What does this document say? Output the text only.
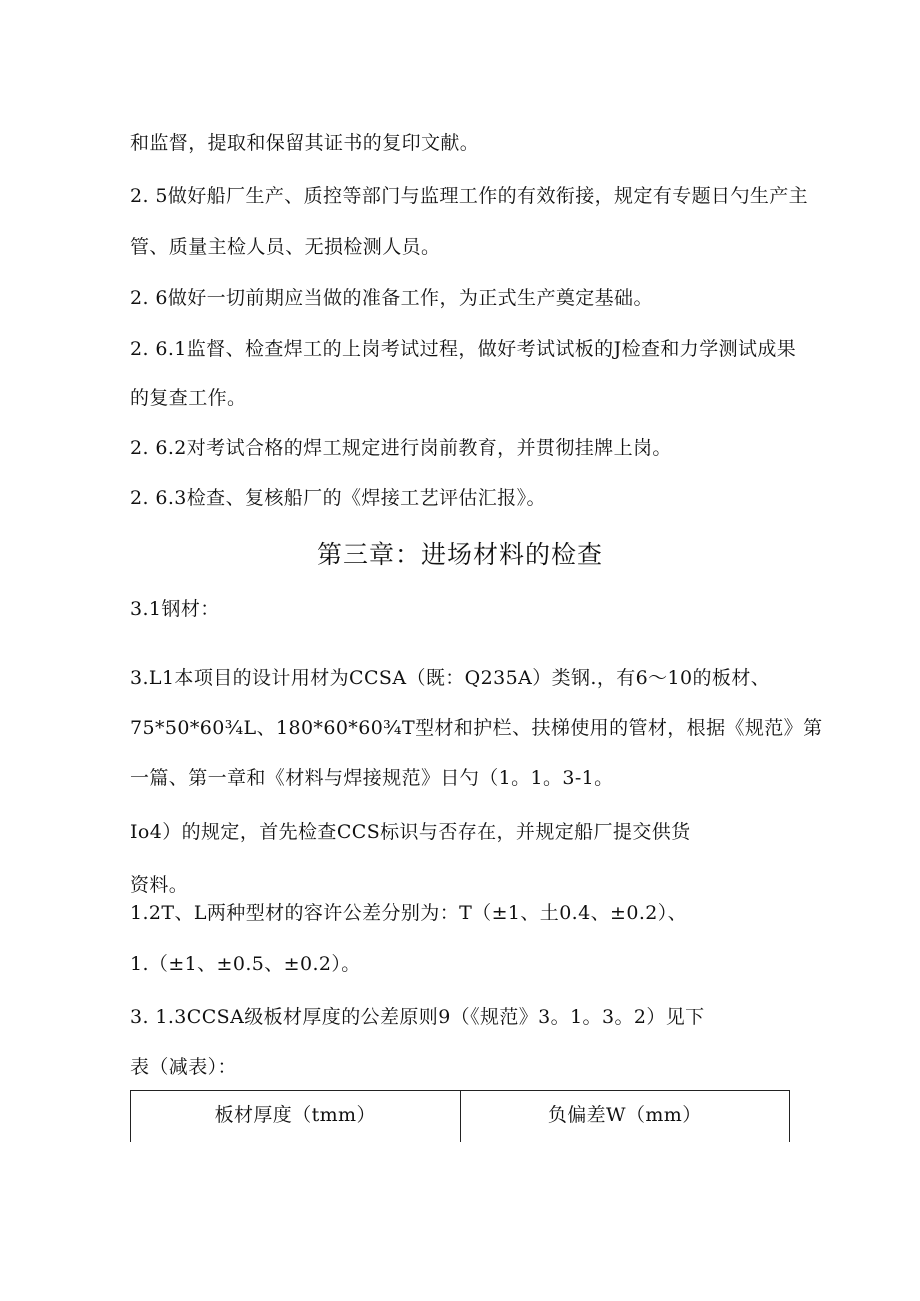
和监督，提取和保留其证书的复印文献。

2. 5做好船厂生产、质控等部门与监理工作的有效衔接，规定有专题日勺生产主

管、质量主检人员、无损检测人员。

2. 6做好一切前期应当做的准备工作，为正式生产奠定基础。

2. 6.1监督、检查焊工的上岗考试过程，做好考试试板的J检查和力学测试成果

的复查工作。

2. 6.2对考试合格的焊工规定进行岗前教育，并贯彻挂牌上岗。

2. 6.3检查、复核船厂的《焊接工艺评估汇报》。

第三章：进场材料的检查

3.1钢材：

3.L1本项目的设计用材为CCSA（既：Q235A）类钢.，有6～10的板材、

75*50*60¾L、180*60*60¾T型材和护栏、扶梯使用的管材，根据《规范》第

一篇、第一章和《材料与焊接规范》日勺（1。1。3-1。

Io4）的规定，首先检查CCS标识与否存在，并规定船厂提交供货

资料。

1.2T、L两种型材的容许公差分别为：T（±1、土0.4、±0.2）、

1.（±1、±0.5、±0.2）。

3. 1.3CCSA级板材厚度的公差原则9（《规范》3。1。3。2）见下

表（减表）：

板材厚度（tmm）	负偏差W（mm）
